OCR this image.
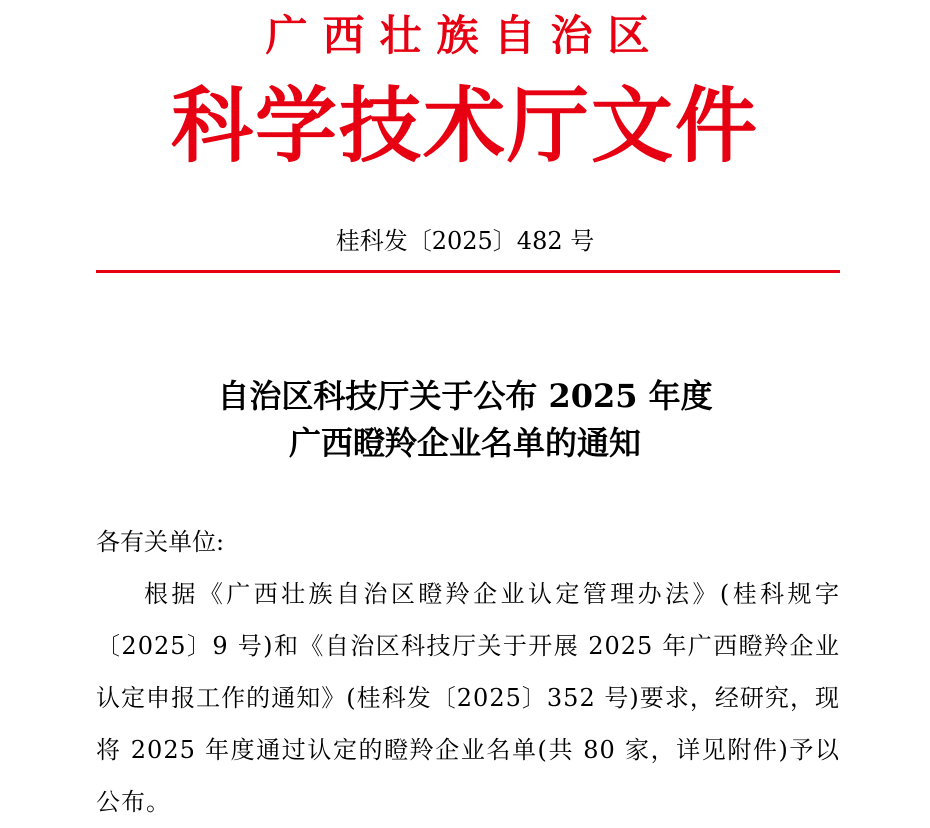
广西壮族自治区
科学技术厅文件
桂科发〔2025〕482 号
自治区科技厅关于公布 2025 年度
广西瞪羚企业名单的通知
各有关单位:
根据《广西壮族自治区瞪羚企业认定管理办法》(桂科规字〔2025〕9 号)和《自治区科技厅关于开展 2025 年广西瞪羚企业认定申报工作的通知》(桂科发〔2025〕352 号)要求，经研究，现将 2025 年度通过认定的瞪羚企业名单(共 80 家，详见附件)予以公布。
